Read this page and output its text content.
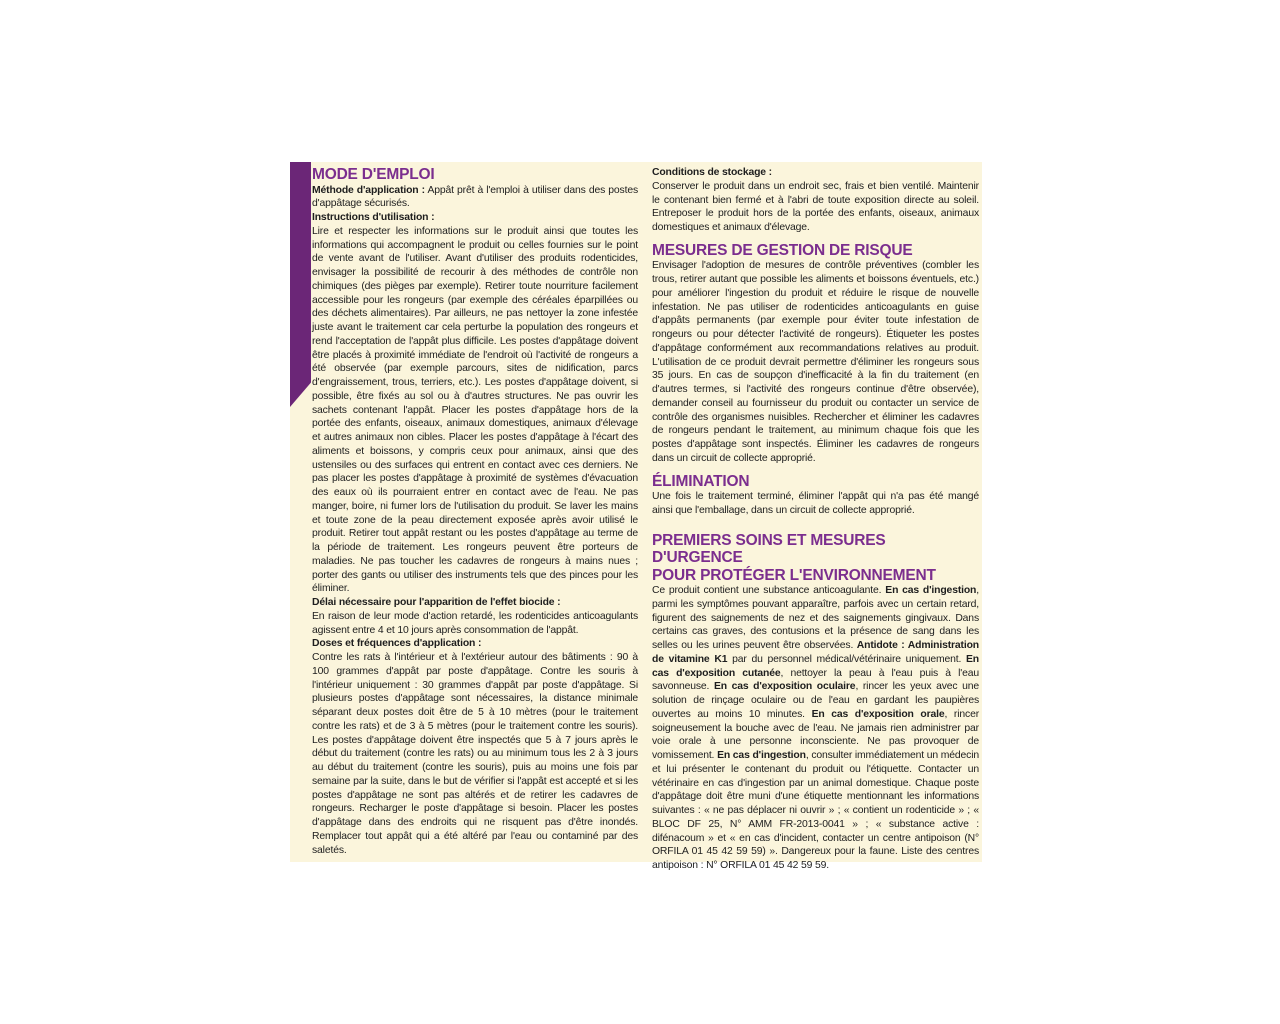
MODE D'EMPLOI

Méthode d'application : Appât prêt à l'emploi à utiliser dans des postes d'appâtage sécurisés.

Instructions d'utilisation :

Lire et respecter les informations sur le produit ainsi que toutes les informations qui accompagnent le produit ou celles fournies sur le point de vente avant de l'utiliser. Avant d'utiliser des produits rodenticides, envisager la possibilité de recourir à des méthodes de contrôle non chimiques (des pièges par exemple). Retirer toute nourriture facilement accessible pour les rongeurs (par exemple des céréales éparpillées ou des déchets alimentaires). Par ailleurs, ne pas nettoyer la zone infestée juste avant le traitement car cela perturbe la population des rongeurs et rend l'acceptation de l'appât plus difficile. Les postes d'appâtage doivent être placés à proximité immédiate de l'endroit où l'activité de rongeurs a été observée (par exemple parcours, sites de nidification, parcs d'engraissement, trous, terriers, etc.). Les postes d'appâtage doivent, si possible, être fixés au sol ou à d'autres structures. Ne pas ouvrir les sachets contenant l'appât. Placer les postes d'appâtage hors de la portée des enfants, oiseaux, animaux domestiques, animaux d'élevage et autres animaux non cibles. Placer les postes d'appâtage à l'écart des aliments et boissons, y compris ceux pour animaux, ainsi que des ustensiles ou des surfaces qui entrent en contact avec ces derniers. Ne pas placer les postes d'appâtage à proximité de systèmes d'évacuation des eaux où ils pourraient entrer en contact avec de l'eau. Ne pas manger, boire, ni fumer lors de l'utilisation du produit. Se laver les mains et toute zone de la peau directement exposée après avoir utilisé le produit. Retirer tout appât restant ou les postes d'appâtage au terme de la période de traitement. Les rongeurs peuvent être porteurs de maladies. Ne pas toucher les cadavres de rongeurs à mains nues ; porter des gants ou utiliser des instruments tels que des pinces pour les éliminer.

Délai nécessaire pour l'apparition de l'effet biocide :

En raison de leur mode d'action retardé, les rodenticides anticoagulants agissent entre 4 et 10 jours après consommation de l'appât.

Doses et fréquences d'application :

Contre les rats à l'intérieur et à l'extérieur autour des bâtiments : 90 à 100 grammes d'appât par poste d'appâtage. Contre les souris à l'intérieur uniquement : 30 grammes d'appât par poste d'appâtage. Si plusieurs postes d'appâtage sont nécessaires, la distance minimale séparant deux postes doit être de 5 à 10 mètres (pour le traitement contre les rats) et de 3 à 5 mètres (pour le traitement contre les souris). Les postes d'appâtage doivent être inspectés que 5 à 7 jours après le début du traitement (contre les rats) ou au minimum tous les 2 à 3 jours au début du traitement (contre les souris), puis au moins une fois par semaine par la suite, dans le but de vérifier si l'appât est accepté et si les postes d'appâtage ne sont pas altérés et de retirer les cadavres de rongeurs. Recharger le poste d'appâtage si besoin. Placer les postes d'appâtage dans des endroits qui ne risquent pas d'être inondés. Remplacer tout appât qui a été altéré par l'eau ou contaminé par des saletés.

Conditions de stockage :

Conserver le produit dans un endroit sec, frais et bien ventilé. Maintenir le contenant bien fermé et à l'abri de toute exposition directe au soleil. Entreposer le produit hors de la portée des enfants, oiseaux, animaux domestiques et animaux d'élevage.

MESURES DE GESTION DE RISQUE

Envisager l'adoption de mesures de contrôle préventives (combler les trous, retirer autant que possible les aliments et boissons éventuels, etc.) pour améliorer l'ingestion du produit et réduire le risque de nouvelle infestation. Ne pas utiliser de rodenticides anticoagulants en guise d'appâts permanents (par exemple pour éviter toute infestation de rongeurs ou pour détecter l'activité de rongeurs). Étiqueter les postes d'appâtage conformément aux recommandations relatives au produit. L'utilisation de ce produit devrait permettre d'éliminer les rongeurs sous 35 jours. En cas de soupçon d'inefficacité à la fin du traitement (en d'autres termes, si l'activité des rongeurs continue d'être observée), demander conseil au fournisseur du produit ou contacter un service de contrôle des organismes nuisibles. Rechercher et éliminer les cadavres de rongeurs pendant le traitement, au minimum chaque fois que les postes d'appâtage sont inspectés. Éliminer les cadavres de rongeurs dans un circuit de collecte approprié.

ÉLIMINATION

Une fois le traitement terminé, éliminer l'appât qui n'a pas été mangé ainsi que l'emballage, dans un circuit de collecte approprié.

PREMIERS SOINS ET MESURES D'URGENCE
POUR PROTÉGER L'ENVIRONNEMENT

Ce produit contient une substance anticoagulante. En cas d'ingestion, parmi les symptômes pouvant apparaître, parfois avec un certain retard, figurent des saignements de nez et des saignements gingivaux. Dans certains cas graves, des contusions et la présence de sang dans les selles ou les urines peuvent être observées. Antidote : Administration de vitamine K1 par du personnel médical/vétérinaire uniquement. En cas d'exposition cutanée, nettoyer la peau à l'eau puis à l'eau savonneuse. En cas d'exposition oculaire, rincer les yeux avec une solution de rinçage oculaire ou de l'eau en gardant les paupières ouvertes au moins 10 minutes. En cas d'exposition orale, rincer soigneusement la bouche avec de l'eau. Ne jamais rien administrer par voie orale à une personne inconsciente. Ne pas provoquer de vomissement. En cas d'ingestion, consulter immédiatement un médecin et lui présenter le contenant du produit ou l'étiquette. Contacter un vétérinaire en cas d'ingestion par un animal domestique. Chaque poste d'appâtage doit être muni d'une étiquette mentionnant les informations suivantes : « ne pas déplacer ni ouvrir » ; « contient un rodenticide » ; « BLOC DF 25, N° AMM FR-2013-0041 » ; « substance active : difénacoum » et « en cas d'incident, contacter un centre antipoison (N° ORFILA 01 45 42 59 59) ». Dangereux pour la faune. Liste des centres antipoison : N° ORFILA 01 45 42 59 59.
